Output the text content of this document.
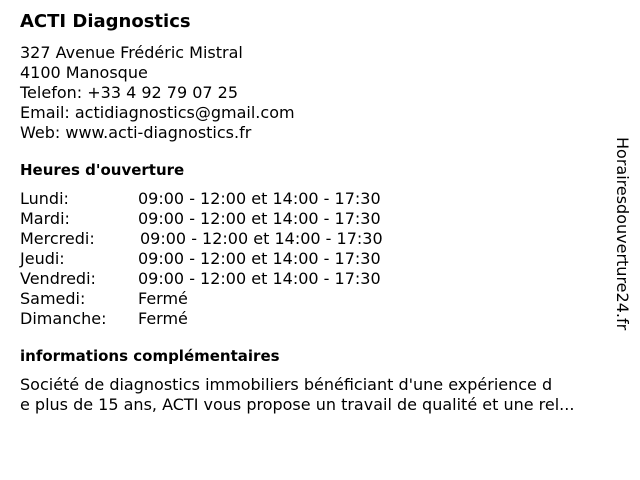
ACTI Diagnostics
327 Avenue Frédéric Mistral
4100 Manosque
Telefon: +33 4 92 79 07 25
Email: actidiagnostics@gmail.com
Web: www.acti-diagnostics.fr
Heures d'ouverture
Lundi:	09:00 - 12:00 et 14:00 - 17:30
Mardi:	09:00 - 12:00 et 14:00 - 17:30
Mercredi:	09:00 - 12:00 et 14:00 - 17:30
Jeudi:	09:00 - 12:00 et 14:00 - 17:30
Vendredi:	09:00 - 12:00 et 14:00 - 17:30
Samedi:	Fermé
Dimanche: Fermé
informations complémentaires
Société de diagnostics immobiliers bénéficiant d'une expérience d
e plus de 15 ans, ACTI vous propose un travail de qualité et une rel...
Horairesdouverture24.fr
